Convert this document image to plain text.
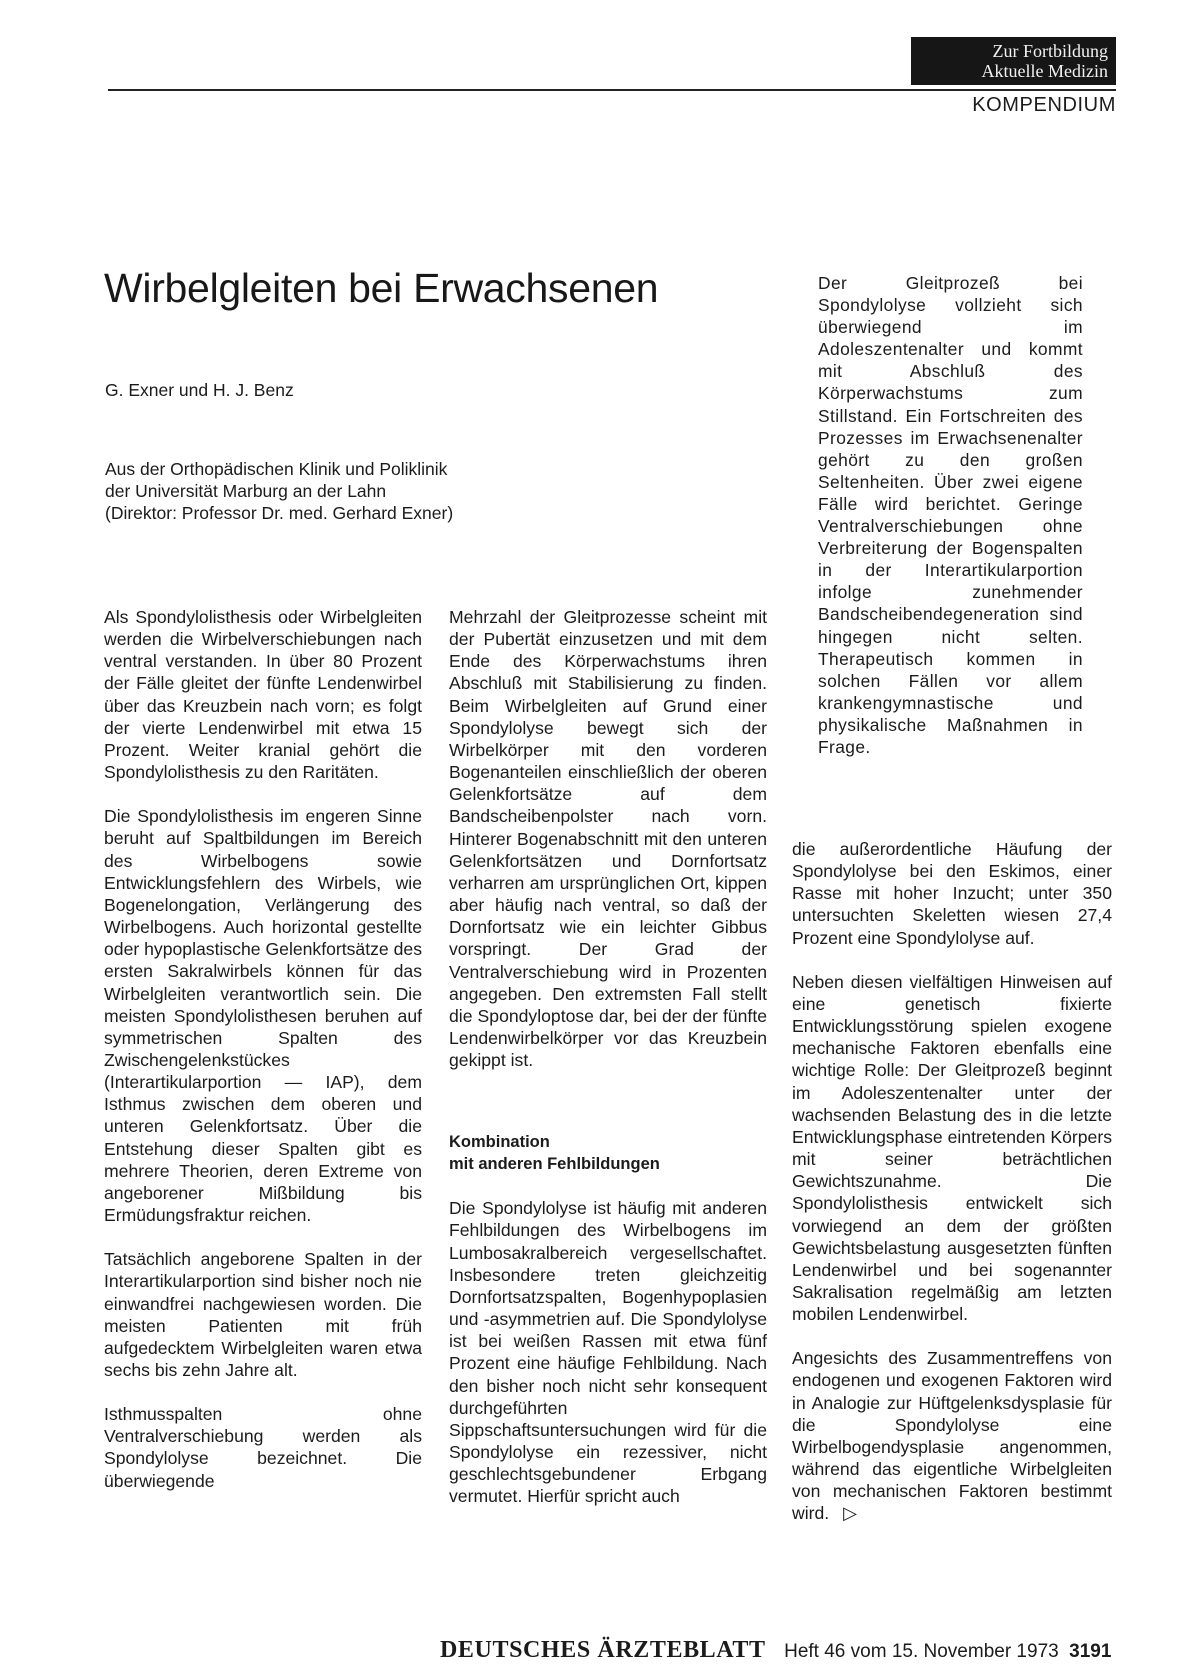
Zur Fortbildung
Aktuelle Medizin
KOMPENDIUM
Wirbelgleiten bei Erwachsenen
G. Exner und H. J. Benz
Aus der Orthopädischen Klinik und Poliklinik
der Universität Marburg an der Lahn
(Direktor: Professor Dr. med. Gerhard Exner)
Der Gleitprozeß bei Spondylolyse vollzieht sich überwiegend im Adoleszentenalter und kommt mit Abschluß des Körperwachstums zum Stillstand. Ein Fortschreiten des Prozesses im Erwachsenenalter gehört zu den großen Seltenheiten. Über zwei eigene Fälle wird berichtet. Geringe Ventralverschiebungen ohne Verbreiterung der Bogenspalten in der Interartikularportion infolge zunehmender Bandscheibendegeneration sind hingegen nicht selten. Therapeutisch kommen in solchen Fällen vor allem krankengymnastische und physikalische Maßnahmen in Frage.

Als Spondylolisthesis oder Wirbelgleiten werden die Wirbelverschiebungen nach ventral verstanden. In über 80 Prozent der Fälle gleitet der fünfte Lendenwirbel über das Kreuzbein nach vorn; es folgt der vierte Lendenwirbel mit etwa 15 Prozent. Weiter kranial gehört die Spondylolisthesis zu den Raritäten.

Die Spondylolisthesis im engeren Sinne beruht auf Spaltbildungen im Bereich des Wirbelbogens sowie Entwicklungsfehlern des Wirbels, wie Bogenelongation, Verlängerung des Wirbelbogens. Auch horizontal gestellte oder hypoplastische Gelenkfortsätze des ersten Sakralwirbels können für das Wirbelgleiten verantwortlich sein. Die meisten Spondylolisthesen beruhen auf symmetrischen Spalten des Zwischengelenkstückes (Interartikularportion — IAP), dem Isthmus zwischen dem oberen und unteren Gelenkfortsatz. Über die Entstehung dieser Spalten gibt es mehrere Theorien, deren Extreme von angeborener Mißbildung bis Ermüdungsfraktur reichen.

Tatsächlich angeborene Spalten in der Interartikularportion sind bisher noch nie einwandfrei nachgewiesen worden. Die meisten Patienten mit früh aufgedecktem Wirbelgleiten waren etwa sechs bis zehn Jahre alt.

Isthmusspalten ohne Ventralverschiebung werden als Spondylolyse bezeichnet. Die überwiegende

Mehrzahl der Gleitprozesse scheint mit der Pubertät einzusetzen und mit dem Ende des Körperwachstums ihren Abschluß mit Stabilisierung zu finden. Beim Wirbelgleiten auf Grund einer Spondylolyse bewegt sich der Wirbelkörper mit den vorderen Bogenanteilen einschließlich der oberen Gelenkfortsätze auf dem Bandscheibenpolster nach vorn. Hinterer Bogenabschnitt mit den unteren Gelenkfortsätzen und Dornfortsatz verharren am ursprünglichen Ort, kippen aber häufig nach ventral, so daß der Dornfortsatz wie ein leichter Gibbus vorspringt. Der Grad der Ventralverschiebung wird in Prozenten angegeben. Den extremsten Fall stellt die Spondyloptose dar, bei der der fünfte Lendenwirbelkörper vor das Kreuzbein gekippt ist.

Kombination
mit anderen Fehlbildungen

Die Spondylolyse ist häufig mit anderen Fehlbildungen des Wirbelbogens im Lumbosakralbereich vergesellschaftet. Insbesondere treten gleichzeitig Dornfortsatzspalten, Bogenhypoplasien und -asymmetrien auf. Die Spondylolyse ist bei weißen Rassen mit etwa fünf Prozent eine häufige Fehlbildung. Nach den bisher noch nicht sehr konsequent durchgeführten Sippschaftsuntersuchungen wird für die Spondylolyse ein rezessiver, nicht geschlechtsgebundener Erbgang vermutet. Hierfür spricht auch

die außerordentliche Häufung der Spondylolyse bei den Eskimos, einer Rasse mit hoher Inzucht; unter 350 untersuchten Skeletten wiesen 27,4 Prozent eine Spondylolyse auf.

Neben diesen vielfältigen Hinweisen auf eine genetisch fixierte Entwicklungsstörung spielen exogene mechanische Faktoren ebenfalls eine wichtige Rolle: Der Gleitprozeß beginnt im Adoleszentenalter unter der wachsenden Belastung des in die letzte Entwicklungsphase eintretenden Körpers mit seiner beträchtlichen Gewichtszunahme. Die Spondylolisthesis entwickelt sich vorwiegend an dem der größten Gewichtsbelastung ausgesetzten fünften Lendenwirbel und bei sogenannter Sakralisation regelmäßig am letzten mobilen Lendenwirbel.

Angesichts des Zusammentreffens von endogenen und exogenen Faktoren wird in Analogie zur Hüftgelenksdysplasie für die Spondylolyse eine Wirbelbogendysplasie angenommen, während das eigentliche Wirbelgleiten von mechanischen Faktoren bestimmt wird. ▷

DEUTSCHES ÄRZTEBLATT Heft 46 vom 15. November 1973 3191
